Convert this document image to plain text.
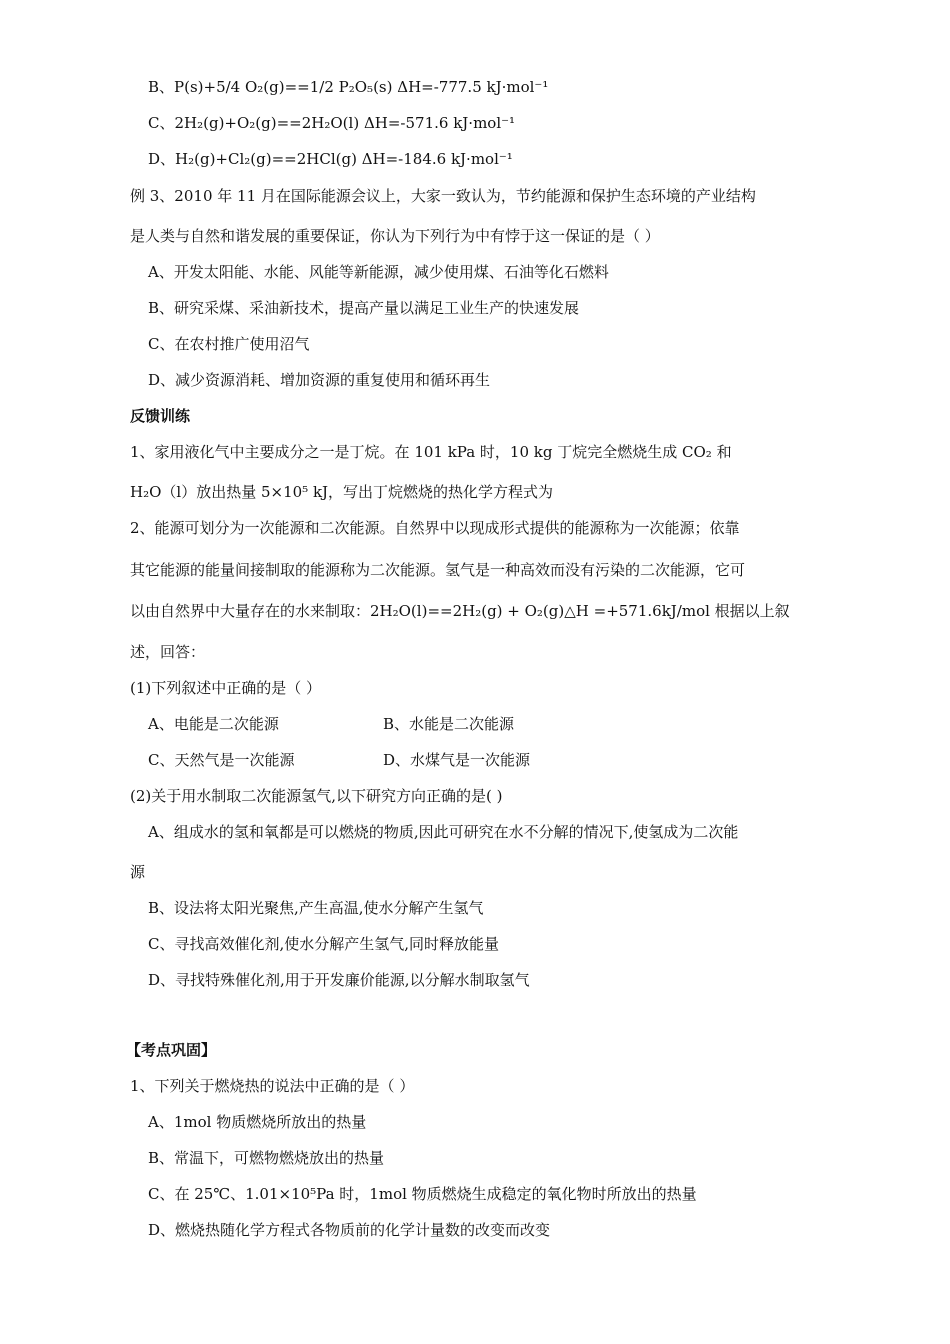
B、P(s)+5/4 O₂(g)==1/2 P₂O₅(s) ΔH=-777.5 kJ·mol⁻¹
C、2H₂(g)+O₂(g)==2H₂O(l) ΔH=-571.6 kJ·mol⁻¹
D、H₂(g)+Cl₂(g)==2HCl(g) ΔH=-184.6 kJ·mol⁻¹
例 3、2010 年 11 月在国际能源会议上，大家一致认为，节约能源和保护生态环境的产业结构
是人类与自然和谐发展的重要保证，你认为下列行为中有悖于这一保证的是（ ）
A、开发太阳能、水能、风能等新能源，减少使用煤、石油等化石燃料
B、研究采煤、采油新技术，提高产量以满足工业生产的快速发展
C、在农村推广使用沼气
D、减少资源消耗、增加资源的重复使用和循环再生
反馈训练
1、家用液化气中主要成分之一是丁烷。在 101 kPa 时，10 kg 丁烷完全燃烧生成 CO₂ 和
H₂O（l）放出热量 5×10⁵ kJ，写出丁烷燃烧的热化学方程式为
2、能源可划分为一次能源和二次能源。自然界中以现成形式提供的能源称为一次能源；依靠
其它能源的能量间接制取的能源称为二次能源。氢气是一种高效而没有污染的二次能源，它可
以由自然界中大量存在的水来制取：2H₂O(l)==2H₂(g) + O₂(g)△H =+571.6kJ/mol 根据以上叙
述，回答：
(1)下列叙述中正确的是（ ）
A、电能是二次能源	B、水能是二次能源
C、天然气是一次能源	D、水煤气是一次能源
(2)关于用水制取二次能源氢气,以下研究方向正确的是( )
A、组成水的氢和氧都是可以燃烧的物质,因此可研究在水不分解的情况下,使氢成为二次能
源
B、设法将太阳光聚焦,产生高温,使水分解产生氢气
C、寻找高效催化剂,使水分解产生氢气,同时释放能量
D、寻找特殊催化剂,用于开发廉价能源,以分解水制取氢气
【考点巩固】
1、下列关于燃烧热的说法中正确的是（ ）
A、1mol 物质燃烧所放出的热量
B、常温下，可燃物燃烧放出的热量
C、在 25℃、1.01×10⁵Pa 时，1mol 物质燃烧生成稳定的氧化物时所放出的热量
D、燃烧热随化学方程式各物质前的化学计量数的改变而改变
